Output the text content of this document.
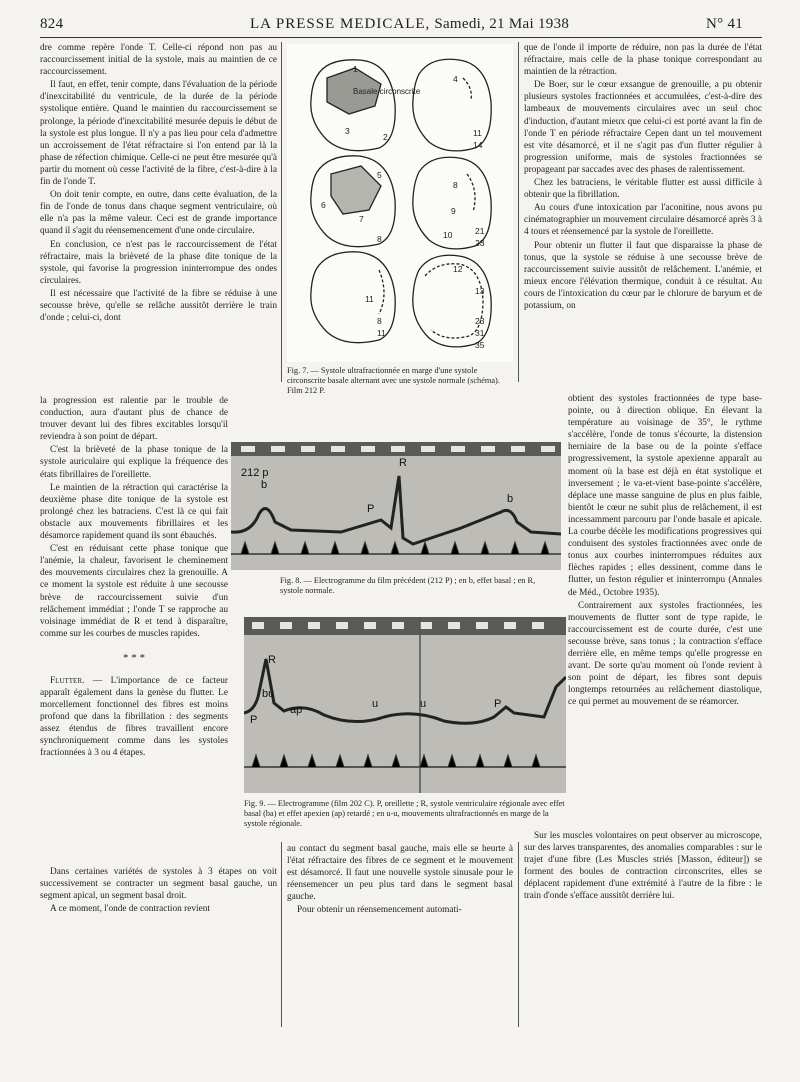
824	LA PRESSE MEDICALE, Samedi, 21 Mai 1938	N° 41

dre comme repère l'onde T. Celle-ci répond non pas au raccourcissement initial de la systole, mais au maintien de ce raccourcissement.

Il faut, en effet, tenir compte, dans l'évaluation de la période d'inexcitabilité du ventricule, de la durée de la période systolique entière. Quand le maintien du raccourcissement se prolonge, la période d'inexcitabilité mesurée depuis le début de la systole est plus longue. Il n'y a pas lieu pour cela d'admettre un accroissement de l'état réfractaire si l'on entend par là la phase de réfection chimique. Celle-ci ne peut être mesurée qu'à partir du moment où cesse l'activité de la fibre, c'est-à-dire à la fin de l'onde T.

On doit tenir compte, en outre, dans cette évaluation, de la fin de l'onde de tonus dans chaque segment ventriculaire, où elle n'a pas la même valeur. Ceci est de grande importance quand il s'agit du réensemencement d'une onde circulaire.

En conclusion, ce n'est pas le raccourcissement de l'état réfractaire, mais la brièveté de la phase dite tonique de la systole, qui favorise la progression ininterrompue des ondes circulaires.

Il est nécessaire que l'activité de la fibre se réduise à une secousse brève, qu'elle se relâche aussitôt derrière le train d'onde ; celui-ci, dont

la progression est ralentie par le trouble de conduction, aura d'autant plus de chance de trouver devant lui des fibres excitables lorsqu'il reviendra à son point de départ.

C'est la brièveté de la phase tonique de la systole auriculaire qui explique la fréquence des états fibrillaires de l'oreillette.

Le maintien de la rétraction qui caractérise la deuxième phase dite tonique de la systole est prolongé chez les batraciens. C'est là ce qui fait obstacle aux mouvements fibrillaires et les désamorce rapidement quand ils sont ébauchés.

C'est en réduisant cette phase tonique que l'anémie, la chaleur, favorisent le cheminement des mouvements circulaires chez la grenouille. A ce moment la systole est réduite à une secousse brève de raccourcissement suivie d'un relâchement immédiat ; l'onde T se rapproche au voisinage immédiat de R et tend à disparaître, comme sur les courbes de muscles rapides.

* * *

Flutter. — L'importance de ce facteur apparaît également dans la genèse du flutter. Le morcellement fonctionnel des fibres est moins profond que dans la fibrillation : des segments assez étendus de fibres travaillent encore synchroniquement comme dans les systoles fractionnées à 3 ou 4 étapes.

Dans certaines variétés de systoles à 3 étapes on voit successivement se contracter un segment basal gauche, un segment apical, un segment basal droit.

A ce moment, l'onde de contraction revient

au contact du segment basal gauche, mais elle se heurte à l'état réfractaire des fibres de ce segment et le mouvement est désamorcé. Il faut une nouvelle systole sinusale pour le réensemencer un peu plus tard dans le segment basal gauche.

Pour obtenir un réensemencement automati-

que de l'onde il importe de réduire, non pas la durée de l'état réfractaire, mais celle de la phase tonique correspondant au maintien de la rétraction.

De Boer, sur le cœur exsangue de grenouille, a pu obtenir plusieurs systoles fractionnées et accumulées, c'est-à-dire des lambeaux de mouvements circulaires avec un seul choc d'induction, d'autant mieux que celui-ci est porté avant la fin de l'onde T en période réfractaire Cepen dant un tel mouvement est vite désamorcé, et il ne s'agit pas d'un flutter régulier à progression uniforme, mais de systoles fractionnées se propageant par saccades avec des phases de ralentissement.

Chez les batraciens, le véritable flutter est aussi difficile à obtenir que la fibrillation.

Au cours d'une intoxication par l'aconitine, nous avons pu cinématographier un mouvement circulaire désamorcé après 3 à 4 tours et réensemencé par la systole de l'oreillette.

Pour obtenir un flutter il faut que disparaisse la phase de tonus, que la systole se réduise à une secousse brève de raccourcissement suivie aussitôt de relâchement. L'anémie, et mieux encore l'élévation thermique, conduit à ce résultat. Au cours de l'intoxication du cœur par le chlorure de baryum et de potassium, on

obtient des systoles fractionnées de type base-pointe, ou à direction oblique. En élevant la température au voisinage de 35°, le rythme s'accélère, l'onde de tonus s'écourte, la distension herniaire de la base ou de la pointe s'efface progressivement, la systole apexienne apparaît au moment où la base est déjà en état systolique et inversement ; le va-et-vient base-pointe s'accélère, déplace une masse sanguine de plus en plus faible, bientôt le cœur ne subit plus de relâchement, il est incessamment parcouru par l'onde basale et apicale. La courbe décèle les modifications progressives qui conduisent des systoles fractionnées avec onde de tonus aux courbes ininterrompues réduites aux flèches rapides ; elles dessinent, comme dans le flutter, un feston régulier et ininterrompu (Annales de Méd., Octobre 1935).

Contrairement aux systoles fractionnées, les mouvements de flutter sont de type rapide, le raccourcissement est de courte durée, c'est une secousse brève, sans tonus ; la contraction s'efface derrière elle, en même temps qu'elle progresse en avant. De sorte qu'au moment où l'onde revient à son point de départ, les fibres sont depuis longtemps retournées au relâchement diastolique, ce qui permet au mouvement de se réamorcer.

Sur les muscles volontaires on peut observer au microscope, sur des larves transparentes, des anomalies comparables : sur le trajet d'une fibre (Les Muscles striés [Masson, éditeur]) se forment des boules de contraction circonscrites, elles se déplacent rapidement d'une extrémité à l'autre de la fibre : le train d'onde s'efface aussitôt derrière lui.

Basale circonscrite
1
2
3
4
11
14
5
6
7
8
8
9
10	21
23
11
8
11
12
13
23
31
35
Fig. 7. — Systole ultrafractionnée en marge d'une systole circonscrite basale alternant avec une systole normale (schéma). Film 212 P.
212 p
b
P
R
b
Fig. 8. — Electrogramme du film précédent (212 P) ; en b, effet basal ; en R, systole normale.
R
bu
ap
P
u	u	P
Fig. 9. — Electrogramme (film 202 C). P, oreillette ; R, systole ventriculaire régionale avec effet basal (ba) et effet apexien (ap) retardé ; en u-u, mouvements ultrafractionnés en marge de la systole régionale.
